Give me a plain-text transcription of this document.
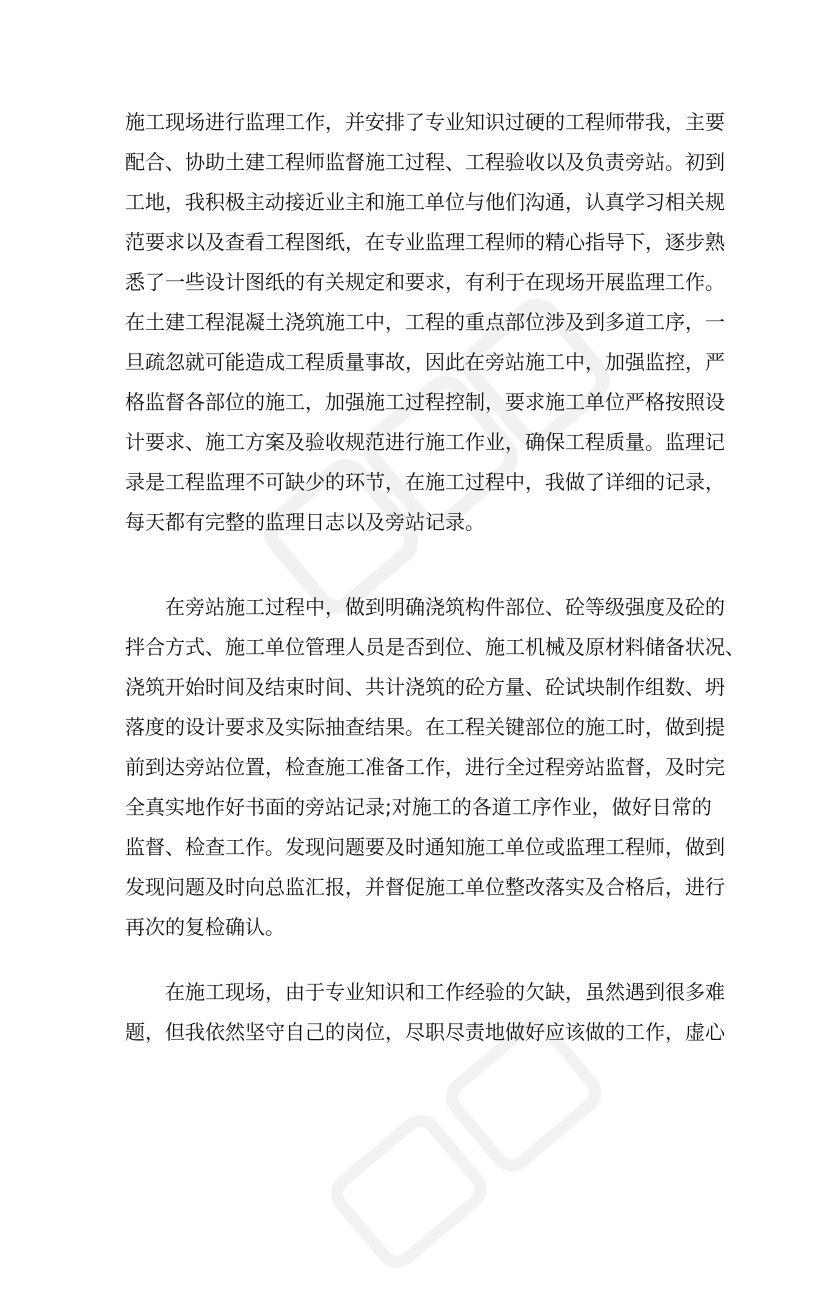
施工现场进行监理工作，并安排了专业知识过硬的工程师带我，主要
配合、协助土建工程师监督施工过程、工程验收以及负责旁站。初到
工地，我积极主动接近业主和施工单位与他们沟通，认真学习相关规
范要求以及查看工程图纸，在专业监理工程师的精心指导下，逐步熟
悉了一些设计图纸的有关规定和要求，有利于在现场开展监理工作。
在土建工程混凝土浇筑施工中，工程的重点部位涉及到多道工序，一
旦疏忽就可能造成工程质量事故，因此在旁站施工中，加强监控，严
格监督各部位的施工，加强施工过程控制，要求施工单位严格按照设
计要求、施工方案及验收规范进行施工作业，确保工程质量。监理记
录是工程监理不可缺少的环节，在施工过程中，我做了详细的记录，
每天都有完整的监理日志以及旁站记录。
在旁站施工过程中，做到明确浇筑构件部位、砼等级强度及砼的
拌合方式、施工单位管理人员是否到位、施工机械及原材料储备状况、
浇筑开始时间及结束时间、共计浇筑的砼方量、砼试块制作组数、坍
落度的设计要求及实际抽查结果。在工程关键部位的施工时，做到提
前到达旁站位置，检查施工准备工作，进行全过程旁站监督，及时完
全真实地作好书面的旁站记录;对施工的各道工序作业，做好日常的
监督、检查工作。发现问题要及时通知施工单位或监理工程师，做到
发现问题及时向总监汇报，并督促施工单位整改落实及合格后，进行
再次的复检确认。
在施工现场，由于专业知识和工作经验的欠缺，虽然遇到很多难
题，但我依然坚守自己的岗位，尽职尽责地做好应该做的工作，虚心
